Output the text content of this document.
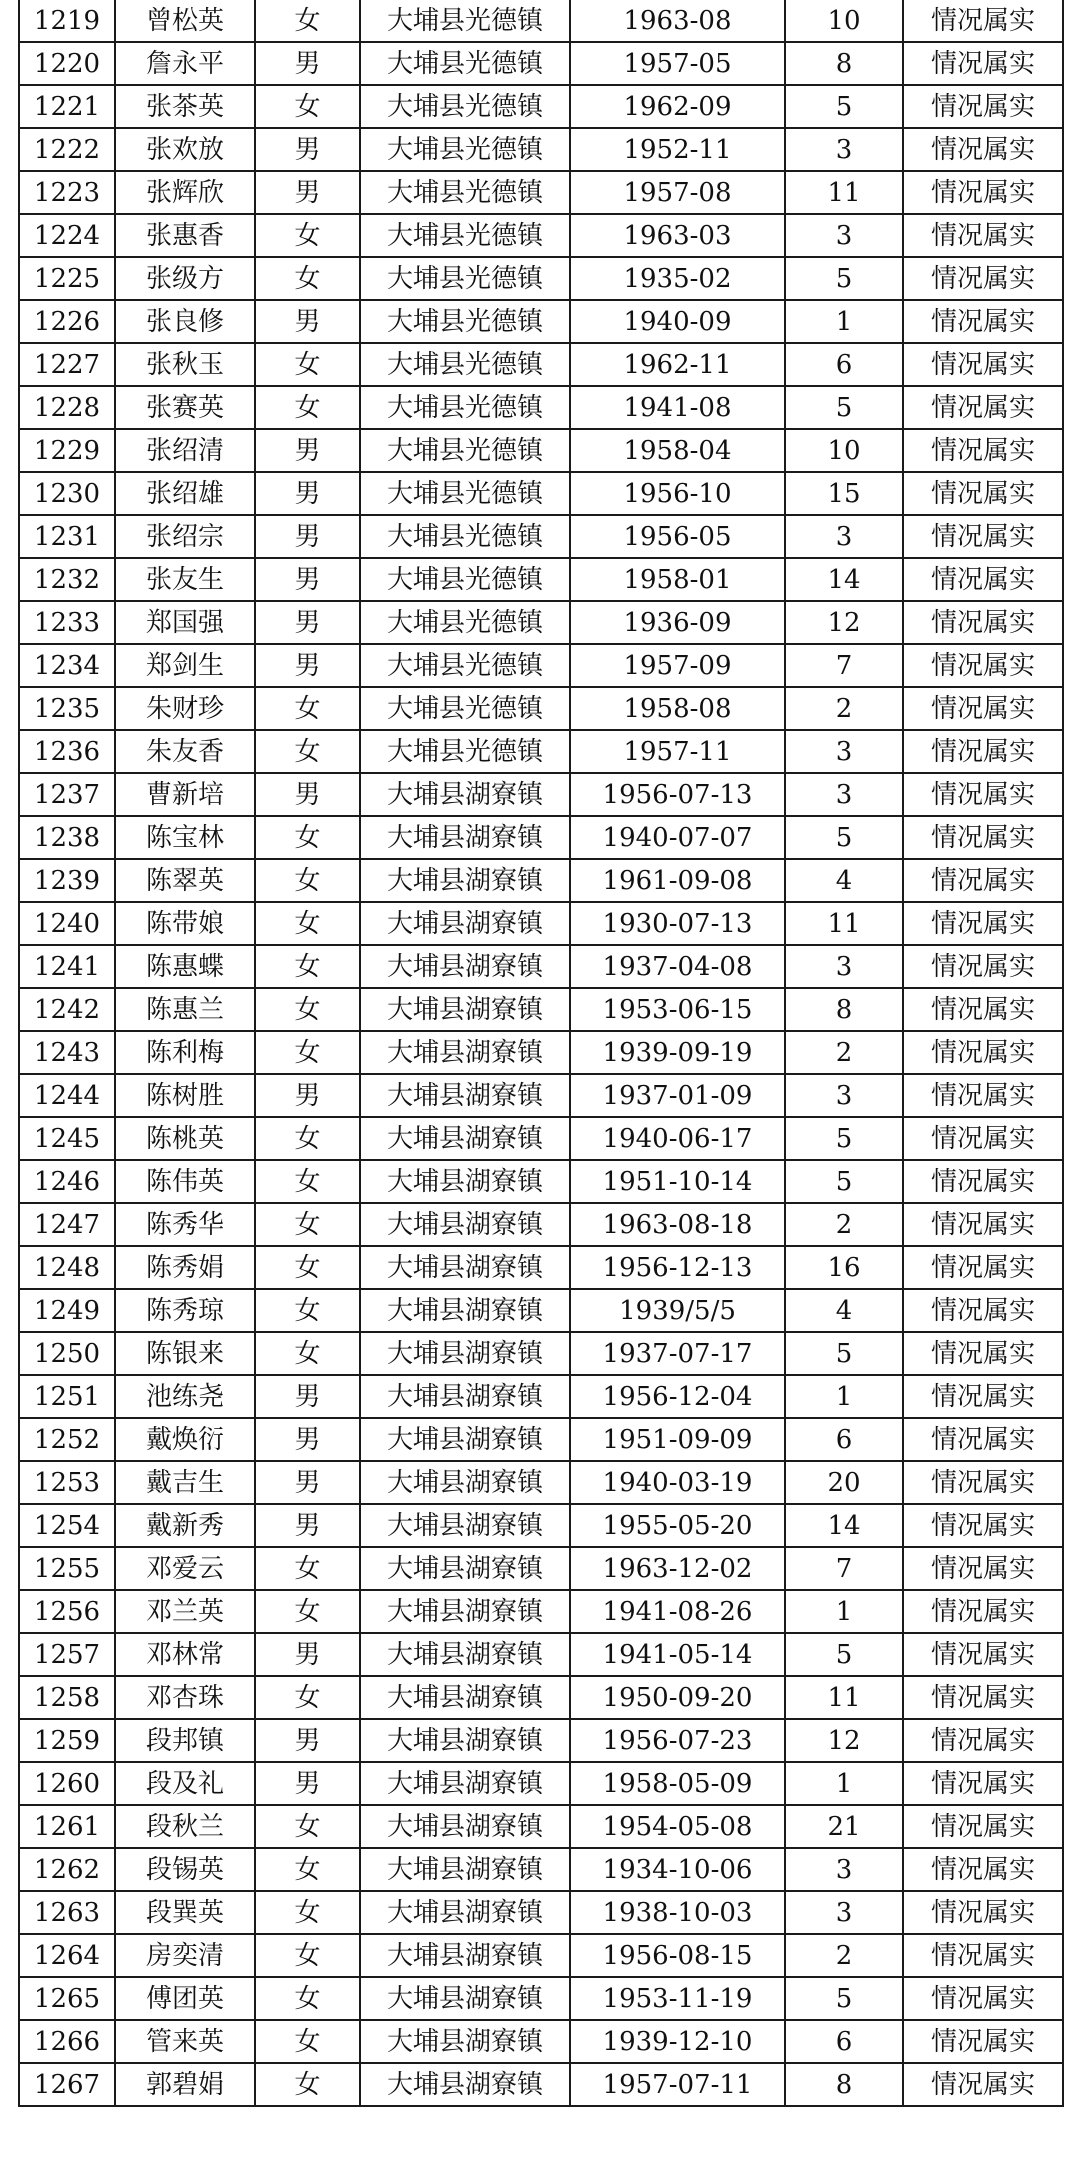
1219	曾松英	女	大埔县光德镇	1963-08	10	情况属实
1220	詹永平	男	大埔县光德镇	1957-05	8	情况属实
1221	张茶英	女	大埔县光德镇	1962-09	5	情况属实
1222	张欢放	男	大埔县光德镇	1952-11	3	情况属实
1223	张辉欣	男	大埔县光德镇	1957-08	11	情况属实
1224	张惠香	女	大埔县光德镇	1963-03	3	情况属实
1225	张级方	女	大埔县光德镇	1935-02	5	情况属实
1226	张良修	男	大埔县光德镇	1940-09	1	情况属实
1227	张秋玉	女	大埔县光德镇	1962-11	6	情况属实
1228	张赛英	女	大埔县光德镇	1941-08	5	情况属实
1229	张绍清	男	大埔县光德镇	1958-04	10	情况属实
1230	张绍雄	男	大埔县光德镇	1956-10	15	情况属实
1231	张绍宗	男	大埔县光德镇	1956-05	3	情况属实
1232	张友生	男	大埔县光德镇	1958-01	14	情况属实
1233	郑国强	男	大埔县光德镇	1936-09	12	情况属实
1234	郑剑生	男	大埔县光德镇	1957-09	7	情况属实
1235	朱财珍	女	大埔县光德镇	1958-08	2	情况属实
1236	朱友香	女	大埔县光德镇	1957-11	3	情况属实
1237	曹新培	男	大埔县湖寮镇	1956-07-13	3	情况属实
1238	陈宝林	女	大埔县湖寮镇	1940-07-07	5	情况属实
1239	陈翠英	女	大埔县湖寮镇	1961-09-08	4	情况属实
1240	陈带娘	女	大埔县湖寮镇	1930-07-13	11	情况属实
1241	陈惠蝶	女	大埔县湖寮镇	1937-04-08	3	情况属实
1242	陈惠兰	女	大埔县湖寮镇	1953-06-15	8	情况属实
1243	陈利梅	女	大埔县湖寮镇	1939-09-19	2	情况属实
1244	陈树胜	男	大埔县湖寮镇	1937-01-09	3	情况属实
1245	陈桃英	女	大埔县湖寮镇	1940-06-17	5	情况属实
1246	陈伟英	女	大埔县湖寮镇	1951-10-14	5	情况属实
1247	陈秀华	女	大埔县湖寮镇	1963-08-18	2	情况属实
1248	陈秀娟	女	大埔县湖寮镇	1956-12-13	16	情况属实
1249	陈秀琼	女	大埔县湖寮镇	1939/5/5	4	情况属实
1250	陈银来	女	大埔县湖寮镇	1937-07-17	5	情况属实
1251	池练尧	男	大埔县湖寮镇	1956-12-04	1	情况属实
1252	戴焕衍	男	大埔县湖寮镇	1951-09-09	6	情况属实
1253	戴吉生	男	大埔县湖寮镇	1940-03-19	20	情况属实
1254	戴新秀	男	大埔县湖寮镇	1955-05-20	14	情况属实
1255	邓爱云	女	大埔县湖寮镇	1963-12-02	7	情况属实
1256	邓兰英	女	大埔县湖寮镇	1941-08-26	1	情况属实
1257	邓林常	男	大埔县湖寮镇	1941-05-14	5	情况属实
1258	邓杏珠	女	大埔县湖寮镇	1950-09-20	11	情况属实
1259	段邦镇	男	大埔县湖寮镇	1956-07-23	12	情况属实
1260	段及礼	男	大埔县湖寮镇	1958-05-09	1	情况属实
1261	段秋兰	女	大埔县湖寮镇	1954-05-08	21	情况属实
1262	段锡英	女	大埔县湖寮镇	1934-10-06	3	情况属实
1263	段巽英	女	大埔县湖寮镇	1938-10-03	3	情况属实
1264	房奕清	女	大埔县湖寮镇	1956-08-15	2	情况属实
1265	傅团英	女	大埔县湖寮镇	1953-11-19	5	情况属实
1266	管来英	女	大埔县湖寮镇	1939-12-10	6	情况属实
1267	郭碧娟	女	大埔县湖寮镇	1957-07-11	8	情况属实
